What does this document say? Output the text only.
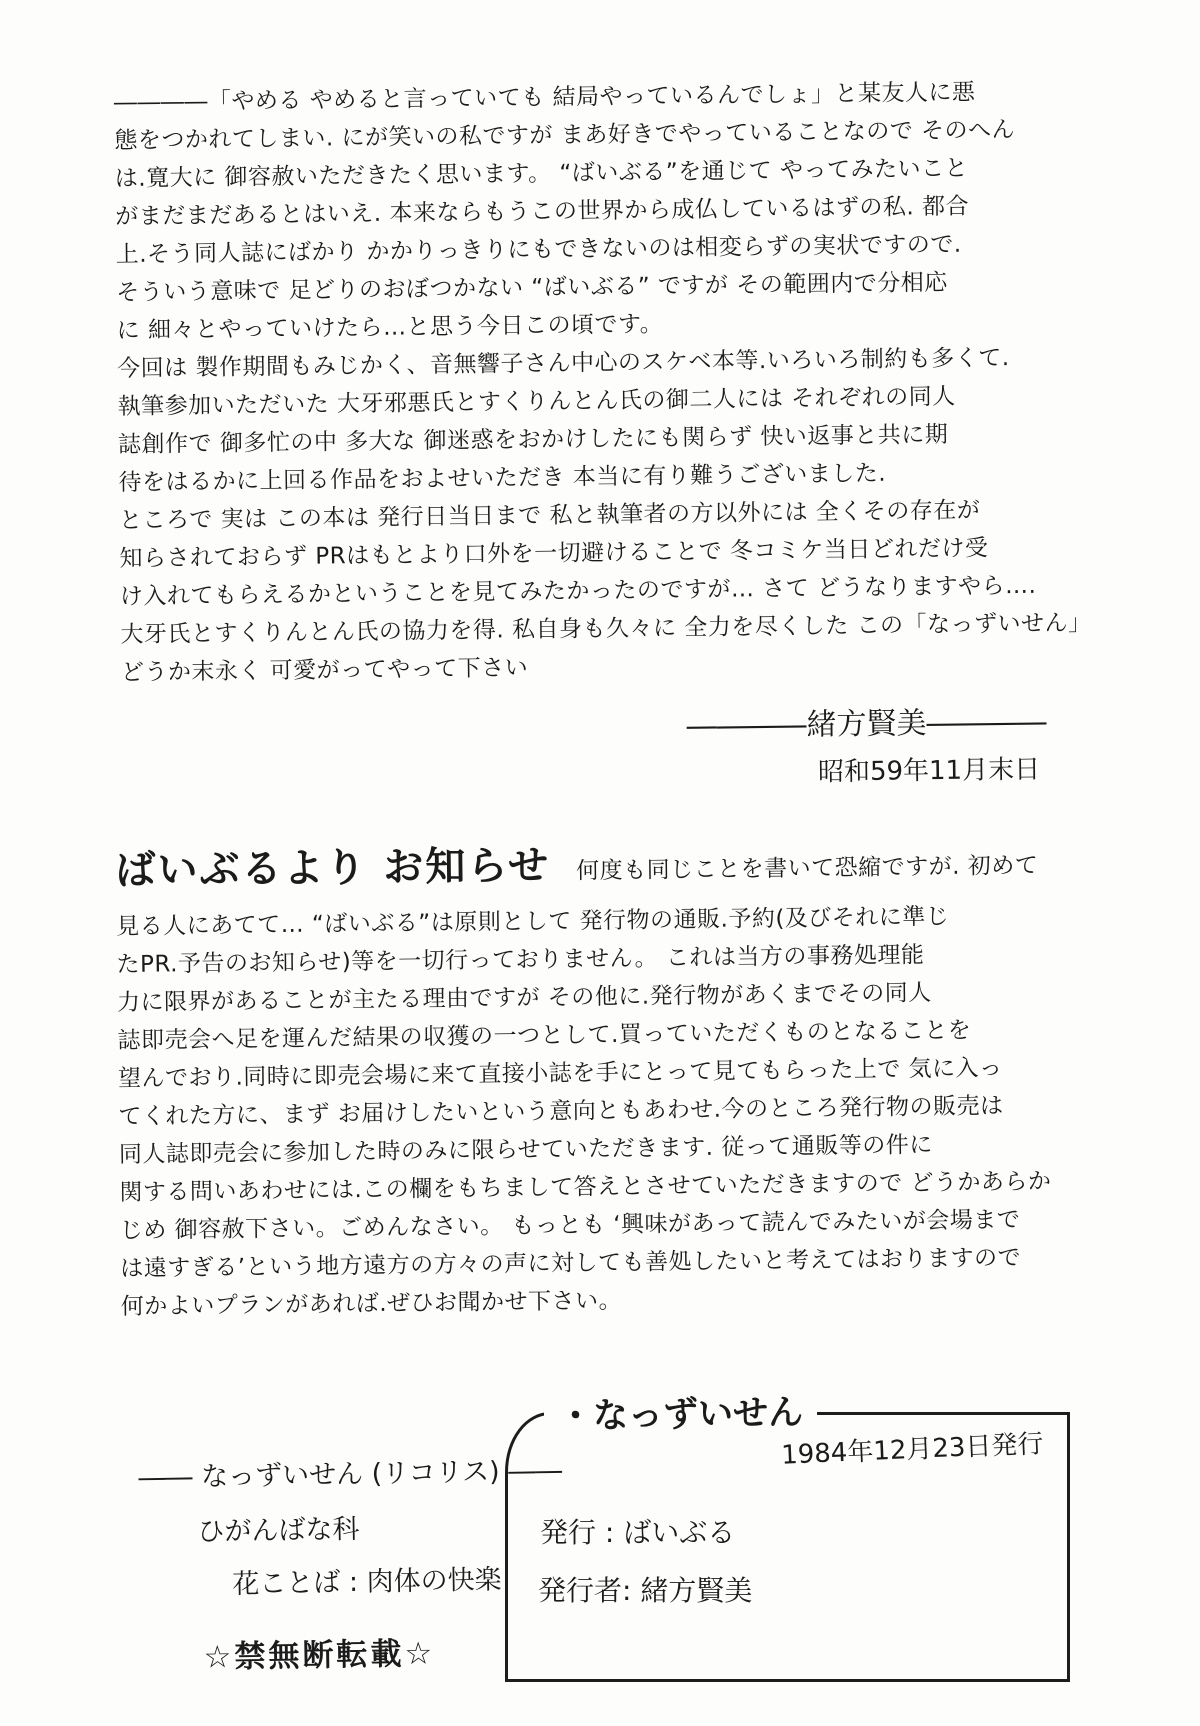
――――「やめる やめると言っていても 結局やっているんでしょ」と某友人に悪

態をつかれてしまい. にが笑いの私ですが まあ好きでやっていることなので そのへん

は.寛大に 御容赦いただきたく思います。 “ばいぶる”を通じて やってみたいこと

がまだまだあるとはいえ. 本来ならもうこの世界から成仏しているはずの私. 都合

上.そう同人誌にばかり かかりっきりにもできないのは相変らずの実状ですので.

そういう意味で 足どりのおぼつかない “ばいぶる” ですが その範囲内で分相応

に 細々とやっていけたら…と思う今日この頃です。

今回は 製作期間もみじかく、音無響子さん中心のスケベ本等.いろいろ制約も多くて.

執筆参加いただいた 大牙邪悪氏とすくりんとん氏の御二人には それぞれの同人

誌創作で 御多忙の中 多大な 御迷惑をおかけしたにも関らず 快い返事と共に期

待をはるかに上回る作品をおよせいただき 本当に有り難うございました.

ところで 実は この本は 発行日当日まで 私と執筆者の方以外には 全くその存在が

知らされておらず PRはもとより口外を一切避けることで 冬コミケ当日どれだけ受

け入れてもらえるかということを見てみたかったのですが… さて どうなりますやら….

大牙氏とすくりんとん氏の協力を得. 私自身も久々に 全力を尽くした この「なっずいせん」

どうか末永く 可愛がってやって下さい

――――緒方賢美――――
昭和59年11月末日
ばいぶるより お知らせ 何度も同じことを書いて恐縮ですが. 初めて

見る人にあてて… “ばいぶる”は原則として 発行物の通販.予約(及びそれに準じ

たPR.予告のお知らせ)等を一切行っておりません。 これは当方の事務処理能

力に限界があることが主たる理由ですが その他に.発行物があくまでその同人

誌即売会へ足を運んだ結果の収獲の一つとして.買っていただくものとなることを

望んでおり.同時に即売会場に来て直接小誌を手にとって見てもらった上で 気に入っ

てくれた方に、まず お届けしたいという意向ともあわせ.今のところ発行物の販売は

同人誌即売会に参加した時のみに限らせていただきます. 従って通販等の件に

関する問いあわせには.この欄をもちまして答えとさせていただきますので どうかあらか

じめ 御容赦下さい。ごめんなさい。 もっとも ‘興味があって読んでみたいが会場まで

は遠すぎる’という地方遠方の方々の声に対しても善処したいと考えてはおりますので

何かよいプランがあれば.ぜひお聞かせ下さい。

―― なっずいせん (リコリス) ――

ひがんばな科

花ことば : 肉体の快楽

☆禁無断転載☆

・なっずいせん
1984年12月23日発行
発行 : ばいぶる
発行者: 緒方賢美
